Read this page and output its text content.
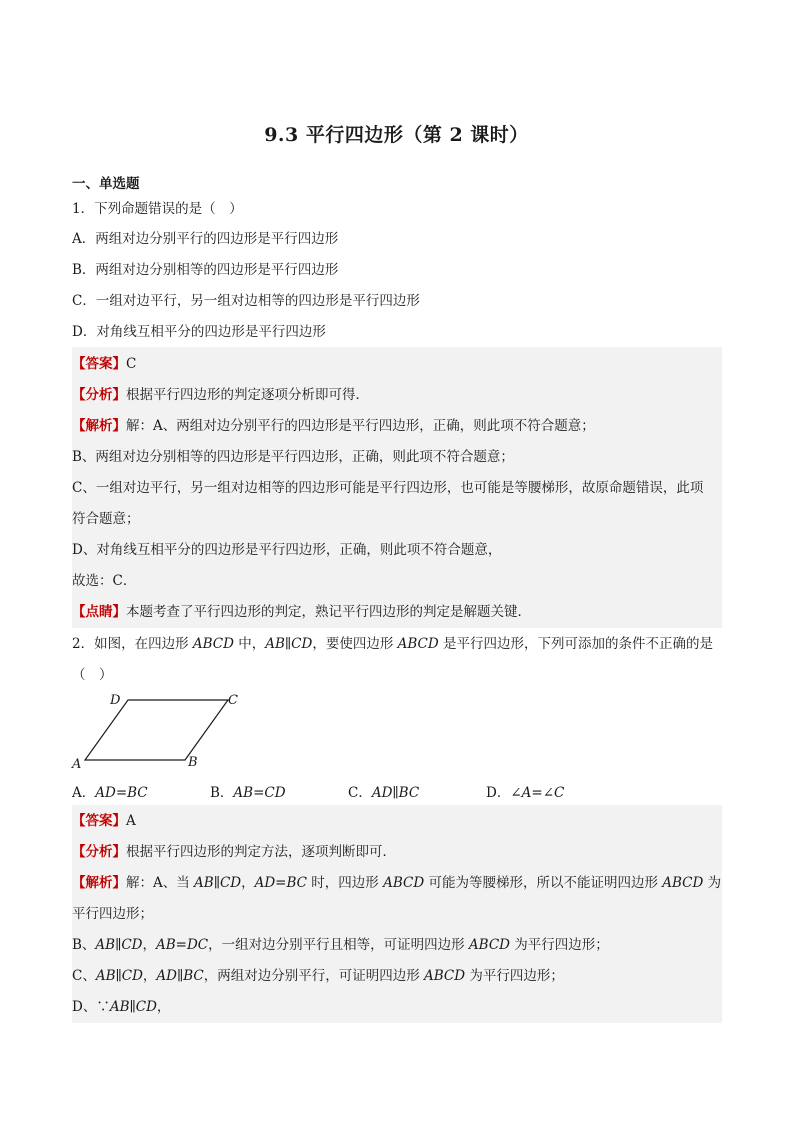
9.3 平行四边形（第 2 课时）
一、单选题
1．下列命题错误的是（　）
A．两组对边分别平行的四边形是平行四边形
B．两组对边分别相等的四边形是平行四边形
C．一组对边平行，另一组对边相等的四边形是平行四边形
D．对角线互相平分的四边形是平行四边形
【答案】C
【分析】根据平行四边形的判定逐项分析即可得．
【解析】解：A、两组对边分别平行的四边形是平行四边形，正确，则此项不符合题意；
B、两组对边分别相等的四边形是平行四边形，正确，则此项不符合题意；
C、一组对边平行，另一组对边相等的四边形可能是平行四边形，也可能是等腰梯形，故原命题错误，此项
符合题意；
D、对角线互相平分的四边形是平行四边形，正确，则此项不符合题意，
故选：C．
【点睛】本题考查了平行四边形的判定，熟记平行四边形的判定是解题关键．
2．如图，在四边形 ABCD 中，AB∥CD，要使四边形 ABCD 是平行四边形，下列可添加的条件不正确的是
（　）
A	B
C
D
A．AD=BC	B．AB=CD	C．AD∥BC	D．∠A=∠C
【答案】A
【分析】根据平行四边形的判定方法，逐项判断即可．
【解析】解：A、当 AB∥CD，AD=BC 时，四边形 ABCD 可能为等腰梯形，所以不能证明四边形 ABCD 为
平行四边形；
B、AB∥CD，AB=DC，一组对边分别平行且相等，可证明四边形 ABCD 为平行四边形；
C、AB∥CD，AD∥BC，两组对边分别平行，可证明四边形 ABCD 为平行四边形；
D、∵AB∥CD，
